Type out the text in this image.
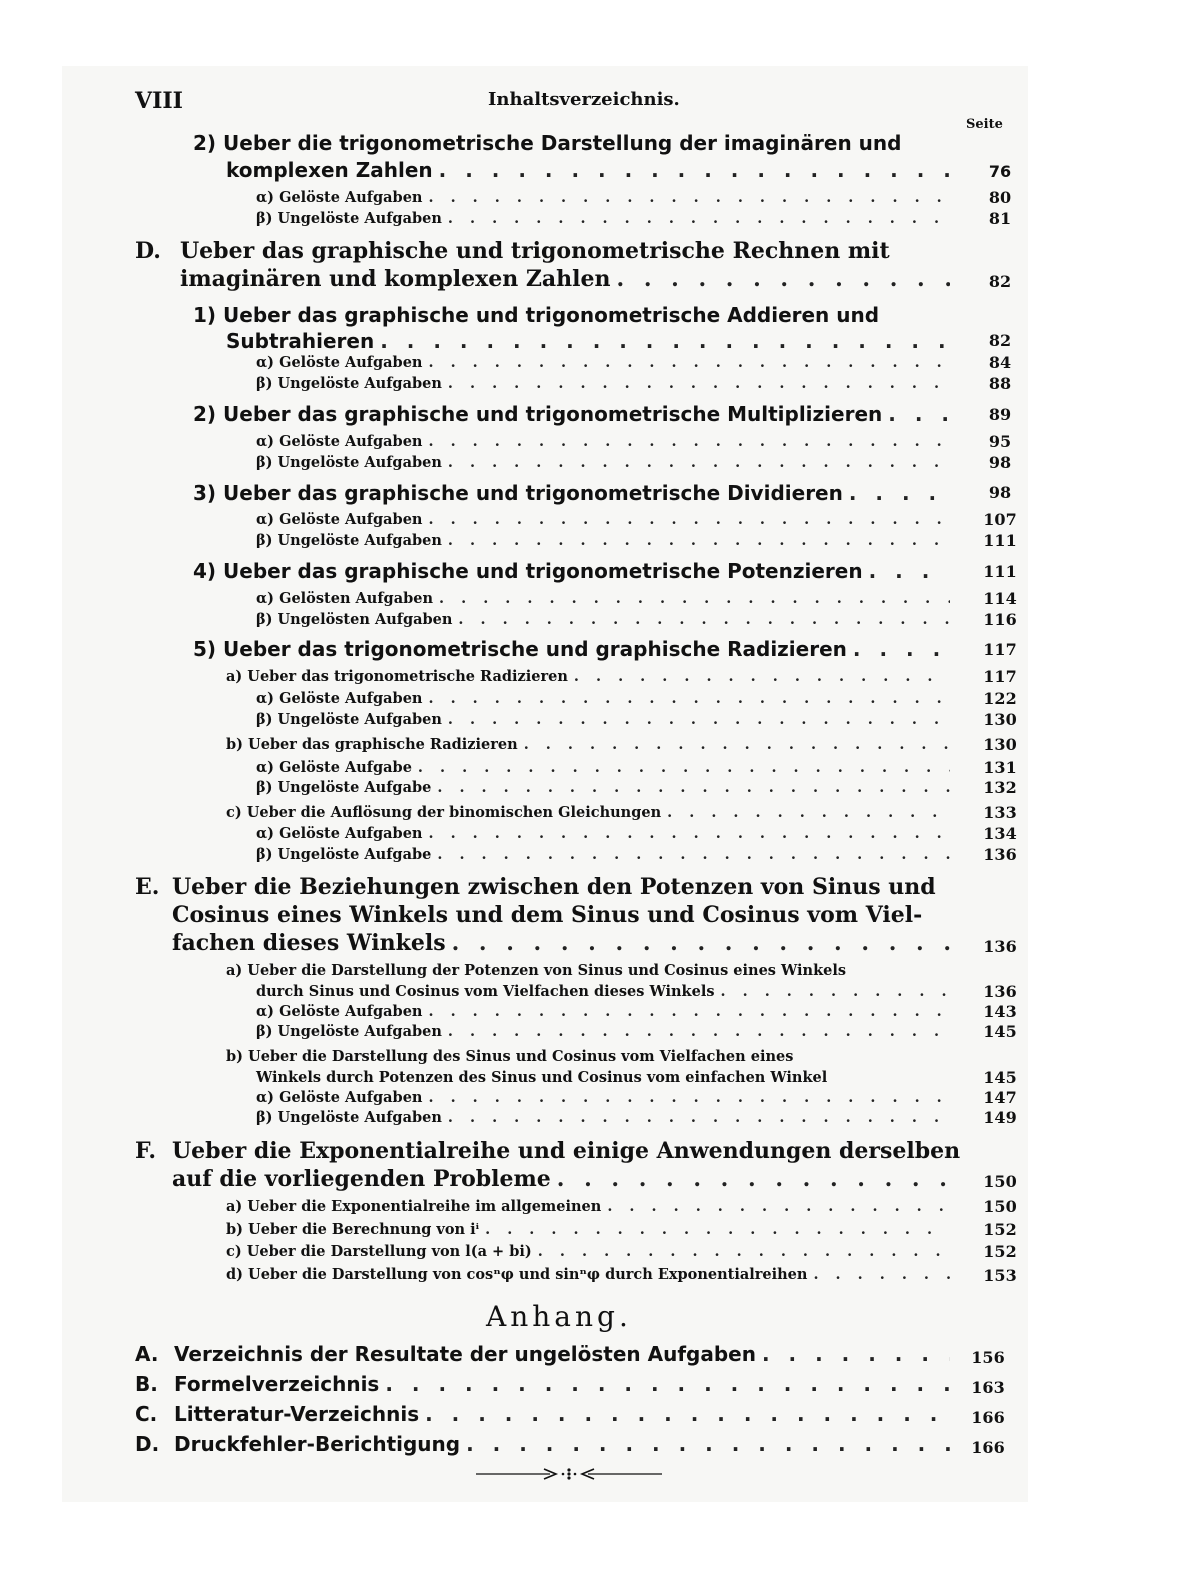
VIII	Inhaltsverzeichnis.
Seite
2) Ueber die trigonometrische Darstellung der imaginären und
komplexen Zahlen . . .	76
α) Gelöste Aufgaben . . .	80
β) Ungelöste Aufgaben . . .	81
D. Ueber das graphische und trigonometrische Rechnen mit
imaginären und komplexen Zahlen . . .	82
1) Ueber das graphische und trigonometrische Addieren und
Subtrahieren . . .	82
α) Gelöste Aufgaben . . .	84
β) Ungelöste Aufgaben . . .	88
2) Ueber das graphische und trigonometrische Multiplizieren . . .	89
α) Gelöste Aufgaben . . .	95
β) Ungelöste Aufgaben . . .	98
3) Ueber das graphische und trigonometrische Dividieren . . .	98
α) Gelöste Aufgaben . . .	107
β) Ungelöste Aufgaben . . .	111
4) Ueber das graphische und trigonometrische Potenzieren . . .	111
α) Gelösten Aufgaben . . .	114
β) Ungelösten Aufgaben . . .	116
5) Ueber das trigonometrische und graphische Radizieren . . .	117
a) Ueber das trigonometrische Radizieren . . .	117
α) Gelöste Aufgaben . . .	122
β) Ungelöste Aufgaben . . .	130
b) Ueber das graphische Radizieren . . .	130
α) Gelöste Aufgabe . . .	131
β) Ungelöste Aufgabe . . .	132
c) Ueber die Auflösung der binomischen Gleichungen . . .	133
α) Gelöste Aufgaben . . .	134
β) Ungelöste Aufgabe . . .	136
E. Ueber die Beziehungen zwischen den Potenzen von Sinus und
Cosinus eines Winkels und dem Sinus und Cosinus vom Viel-
fachen dieses Winkels . . .	136
a) Ueber die Darstellung der Potenzen von Sinus und Cosinus eines Winkels
durch Sinus und Cosinus vom Vielfachen dieses Winkels . . .	136
α) Gelöste Aufgaben . . .	143
β) Ungelöste Aufgaben . . .	145
b) Ueber die Darstellung des Sinus und Cosinus vom Vielfachen eines
Winkels durch Potenzen des Sinus und Cosinus vom einfachen Winkel	145
α) Gelöste Aufgaben . . .	147
β) Ungelöste Aufgaben . . .	149
F. Ueber die Exponentialreihe und einige Anwendungen derselben
auf die vorliegenden Probleme . . .	150
a) Ueber die Exponentialreihe im allgemeinen . . .	150
b) Ueber die Berechnung von iⁱ . . .	152
c) Ueber die Darstellung von l(a + bi) . . .	152
d) Ueber die Darstellung von cosⁿφ und sinⁿφ durch Exponentialreihen . . .	153
Anhang.
A. Verzeichnis der Resultate der ungelösten Aufgaben . . .	156
B. Formelverzeichnis . . .	163
C. Litteratur-Verzeichnis . . .	166
D. Druckfehler-Berichtigung . . .	166
